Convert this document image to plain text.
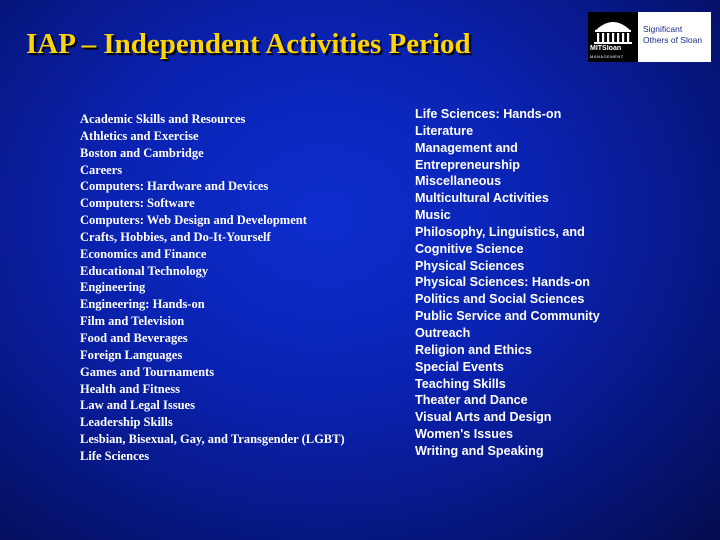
IAP – Independent Activities Period	MITSloan
MANAGEMENT
Significant
Others of Sloan
Academic Skills and Resources
Athletics and Exercise
Boston and Cambridge
Careers
Computers: Hardware and Devices
Computers: Software
Computers: Web Design and Development
Crafts, Hobbies, and Do-It-Yourself
Economics and Finance
Educational Technology
Engineering
Engineering: Hands-on
Film and Television
Food and Beverages
Foreign Languages
Games and Tournaments
Health and Fitness
Law and Legal Issues
Leadership Skills
Lesbian, Bisexual, Gay, and Transgender (LGBT)
Life Sciences
Life Sciences: Hands-on
Literature
Management and
Entrepreneurship
Miscellaneous
Multicultural Activities
Music
Philosophy, Linguistics, and
Cognitive Science
Physical Sciences
Physical Sciences: Hands-on
Politics and Social Sciences
Public Service and Community
Outreach
Religion and Ethics
Special Events
Teaching Skills
Theater and Dance
Visual Arts and Design
Women's Issues
Writing and Speaking
